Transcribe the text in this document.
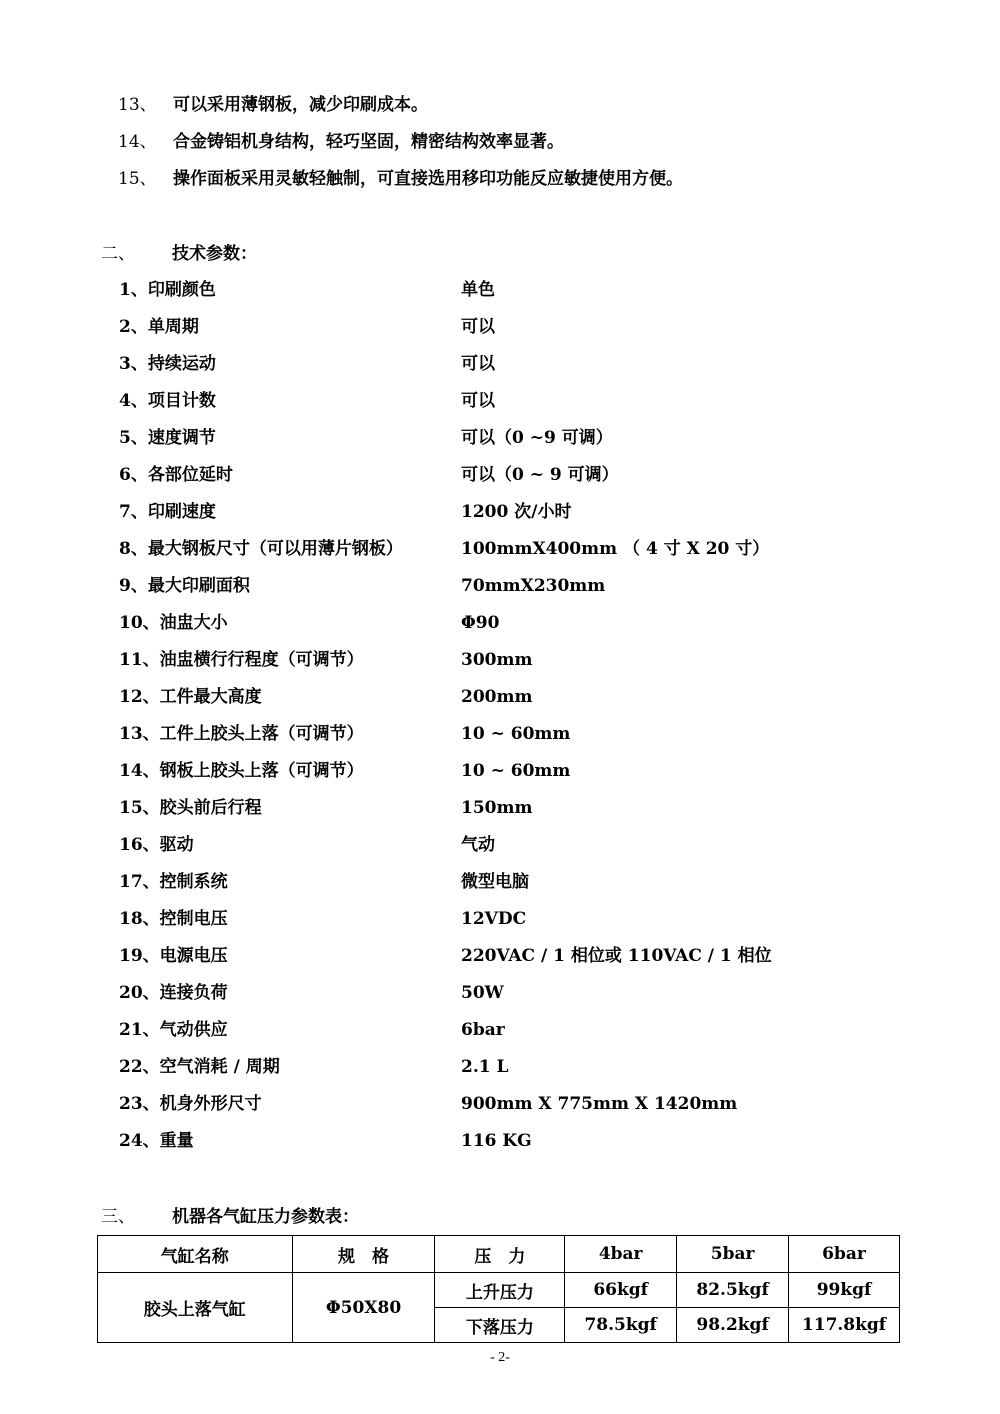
13、 可以采用薄钢板，减少印刷成本。
14、 合金铸铝机身结构，轻巧坚固，精密结构效率显著。
15、 操作面板采用灵敏轻触制，可直接选用移印功能反应敏捷使用方便。
二、	技术参数：
1、印刷颜色	单色
2、单周期	可以
3、持续运动	可以
4、项目计数	可以
5、速度调节	可以（0 ~9 可调）
6、各部位延时	可以（0 ~ 9 可调）
7、印刷速度	1200 次/小时
8、最大钢板尺寸（可以用薄片钢板）	100mmX400mm （ 4 寸 X 20 寸）
9、最大印刷面积	70mmX230mm
10、油盅大小	Φ90
11、油盅横行行程度（可调节）	300mm
12、工件最大高度	200mm
13、工件上胶头上落（可调节）	10 ~ 60mm
14、钢板上胶头上落（可调节）	10 ~ 60mm
15、胶头前后行程	150mm
16、驱动	气动
17、控制系统	微型电脑
18、控制电压	12VDC
19、电源电压	220VAC / 1 相位或 110VAC / 1 相位
20、连接负荷	50W
21、气动供应	6bar
22、空气消耗 / 周期	2.1 L
23、机身外形尺寸	900mm X 775mm X 1420mm
24、重量	116 KG
三、	机器各气缸压力参数表：
气缸名称	规　格	压　力	4bar	5bar	6bar
胶头上落气缸	Φ50X80	上升压力	66kgf	82.5kgf	99kgf
		下落压力	78.5kgf	98.2kgf	117.8kgf
- 2-
